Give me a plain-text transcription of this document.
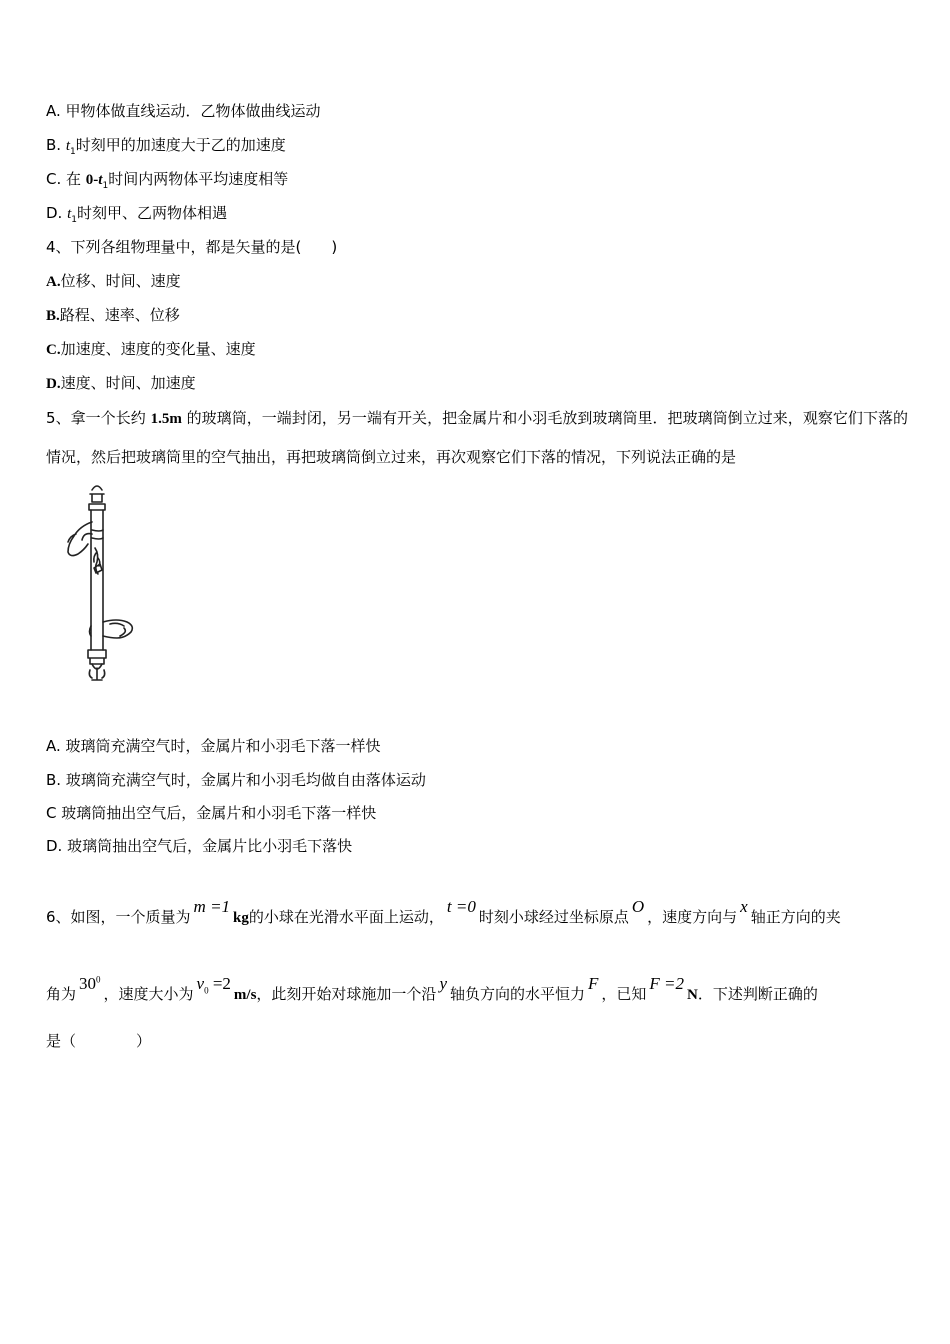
A. 甲物体做直线运动．乙物体做曲线运动
B. $t_1$时刻甲的加速度大于乙的加速度
C. 在 $0-t_1$时间内两物体平均速度相等
D. $t_1$时刻甲、乙两物体相遇
4、下列各组物理量中，都是矢量的是(　　)
A.位移、时间、速度
B.路程、速率、位移
C.加速度、速度的变化量、速度
D.速度、时间、加速度
5、拿一个长约 1.5m 的玻璃筒，一端封闭，另一端有开关，把金属片和小羽毛放到玻璃筒里．把玻璃筒倒立过来，观察它们下落的情况，然后把玻璃筒里的空气抽出，再把玻璃筒倒立过来，再次观察它们下落的情况，下列说法正确的是
A. 玻璃筒充满空气时，金属片和小羽毛下落一样快
B. 玻璃筒充满空气时，金属片和小羽毛均做自由落体运动
C 玻璃筒抽出空气后，金属片和小羽毛下落一样快
D. 玻璃筒抽出空气后，金属片比小羽毛下落快
6、如图，一个质量为m =1kg的小球在光滑水平面上运动，t =0时刻小球经过坐标原点O，速度方向与x轴正方向的夹
角为$30^0$，速度大小为$v_0 =2m/s$，此刻开始对球施加一个沿y轴负方向的水平恒力F，已知F =2N．下述判断正确的
是（　　　　）
